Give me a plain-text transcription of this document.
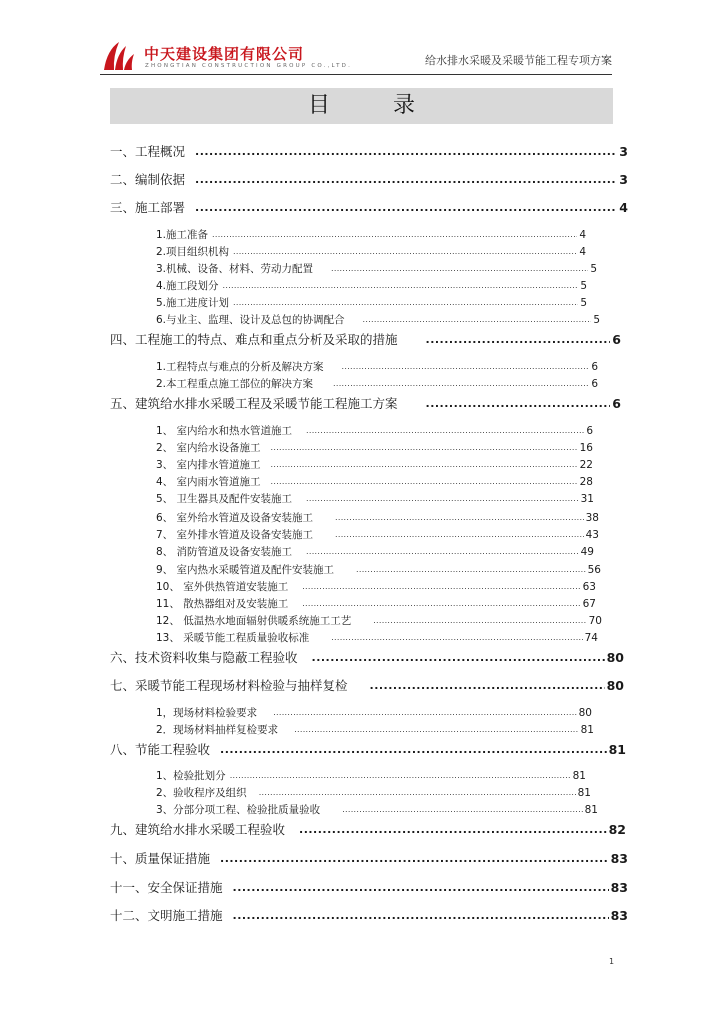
中天建设集团有限公司
ZHONGTIAN CONSTRUCTION GROUP CO.,LTD.	给水排水采暖及采暖节能工程专项方案
目 录
一、工程概况 .....	3
二、编制依据 .....	3
三、施工部署 .....	4
1.施工准备 .....	4
2.项目组织机构 .....	4
3.机械、设备、材料、劳动力配置 .....	5
4.施工段划分 .....	5
5.施工进度计划 .....	5
6.与业主、监理、设计及总包的协调配合 .....	5
四、工程施工的特点、难点和重点分析及采取的措施 .....	6
1.工程特点与难点的分析及解决方案 .....	6
2.本工程重点施工部位的解决方案 .....	6
五、建筑给水排水采暖工程及采暖节能工程施工方案 .....	6
1、 室内给水和热水管道施工 .....	6
2、 室内给水设备施工 .....	16
3、 室内排水管道施工 .....	22
4、 室内雨水管道施工 .....	28
5、 卫生器具及配件安装施工 .....	31
6、 室外给水管道及设备安装施工 .....	38
7、 室外排水管道及设备安装施工 .....	43
8、 消防管道及设备安装施工 .....	49
9、 室内热水采暖管道及配件安装施工 .....	56
10、 室外供热管道安装施工 .....	63
11、 散热器组对及安装施工 .....	67
12、 低温热水地面辐射供暖系统施工工艺 .....	70
13、 采暖节能工程质量验收标准 .....	74
六、技术资料收集与隐蔽工程验收 .....	80
七、采暖节能工程现场材料检验与抽样复检 .....	80
1，现场材料检验要求 .....	80
2．现场材料抽样复检要求 .....	81
八、节能工程验收 .....	81
1、检验批划分 .....	81
2、验收程序及组织 .....	81
3、分部分项工程、检验批质量验收 .....	81
九、建筑给水排水采暖工程验收 .....	82
十、质量保证措施 .....	83
十一、安全保证措施 .....	83
十二、文明施工措施 .....	83
1
